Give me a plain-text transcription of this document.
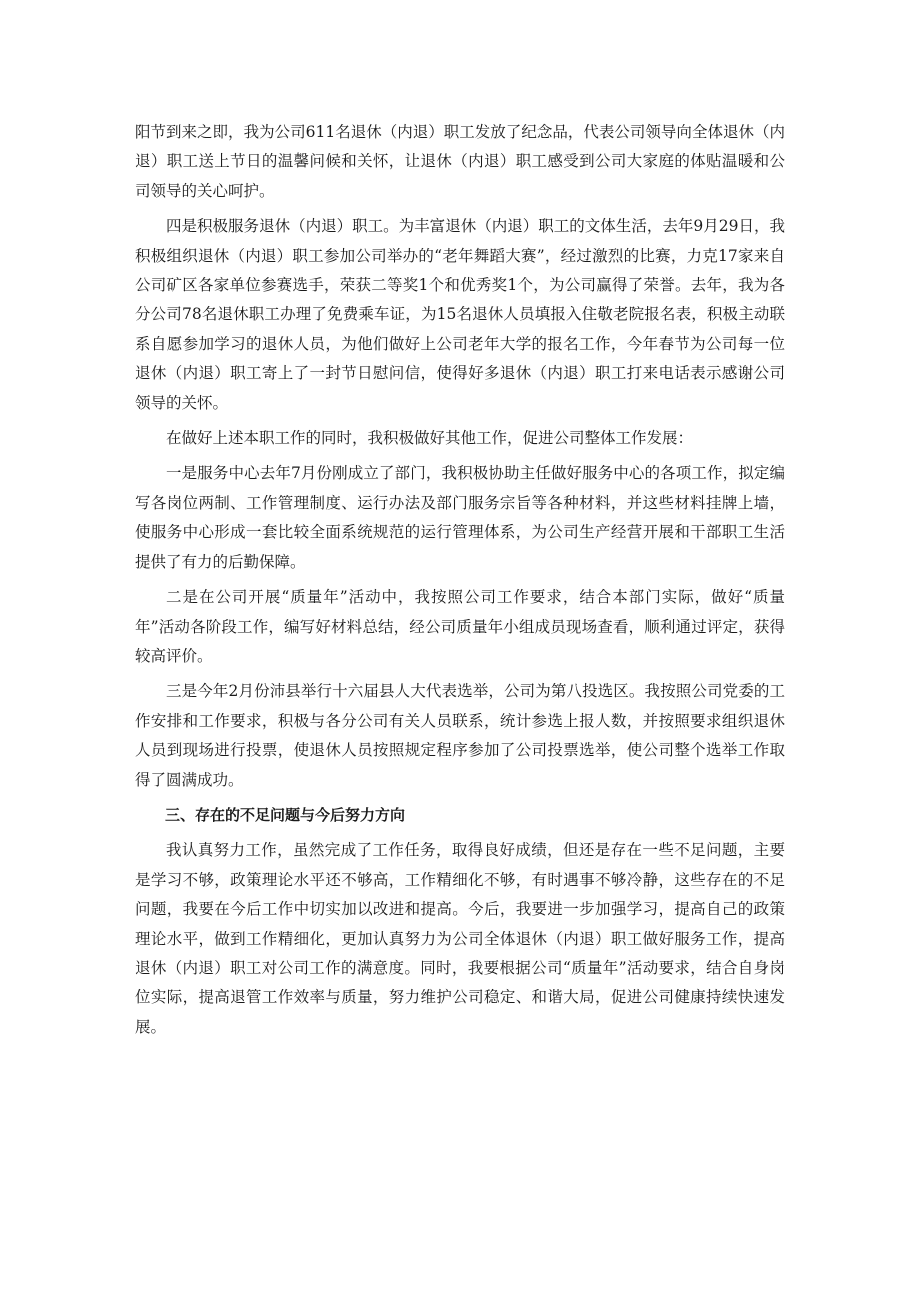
阳节到来之即，我为公司611名退休（内退）职工发放了纪念品，代表公司领导向全体退休（内退）职工送上节日的温馨问候和关怀，让退休（内退）职工感受到公司大家庭的体贴温暖和公司领导的关心呵护。

四是积极服务退休（内退）职工。为丰富退休（内退）职工的文体生活，去年9月29日，我积极组织退休（内退）职工参加公司举办的“老年舞蹈大赛”，经过激烈的比赛，力克17家来自公司矿区各家单位参赛选手，荣获二等奖1个和优秀奖1个，为公司赢得了荣誉。去年，我为各分公司78名退休职工办理了免费乘车证，为15名退休人员填报入住敬老院报名表，积极主动联系自愿参加学习的退休人员，为他们做好上公司老年大学的报名工作，今年春节为公司每一位退休（内退）职工寄上了一封节日慰问信，使得好多退休（内退）职工打来电话表示感谢公司领导的关怀。

在做好上述本职工作的同时，我积极做好其他工作，促进公司整体工作发展：

一是服务中心去年7月份刚成立了部门，我积极协助主任做好服务中心的各项工作，拟定编写各岗位两制、工作管理制度、运行办法及部门服务宗旨等各种材料，并这些材料挂牌上墙，使服务中心形成一套比较全面系统规范的运行管理体系，为公司生产经营开展和干部职工生活提供了有力的后勤保障。

二是在公司开展“质量年”活动中，我按照公司工作要求，结合本部门实际，做好“质量年”活动各阶段工作，编写好材料总结，经公司质量年小组成员现场查看，顺利通过评定，获得较高评价。

三是今年2月份沛县举行十六届县人大代表选举，公司为第八投选区。我按照公司党委的工作安排和工作要求，积极与各分公司有关人员联系，统计参选上报人数，并按照要求组织退休人员到现场进行投票，使退休人员按照规定程序参加了公司投票选举，使公司整个选举工作取得了圆满成功。

三、存在的不足问题与今后努力方向

我认真努力工作，虽然完成了工作任务，取得良好成绩，但还是存在一些不足问题，主要是学习不够，政策理论水平还不够高，工作精细化不够，有时遇事不够冷静，这些存在的不足问题，我要在今后工作中切实加以改进和提高。今后，我要进一步加强学习，提高自己的政策理论水平，做到工作精细化，更加认真努力为公司全体退休（内退）职工做好服务工作，提高退休（内退）职工对公司工作的满意度。同时，我要根据公司“质量年”活动要求，结合自身岗位实际，提高退管工作效率与质量，努力维护公司稳定、和谐大局，促进公司健康持续快速发展。
